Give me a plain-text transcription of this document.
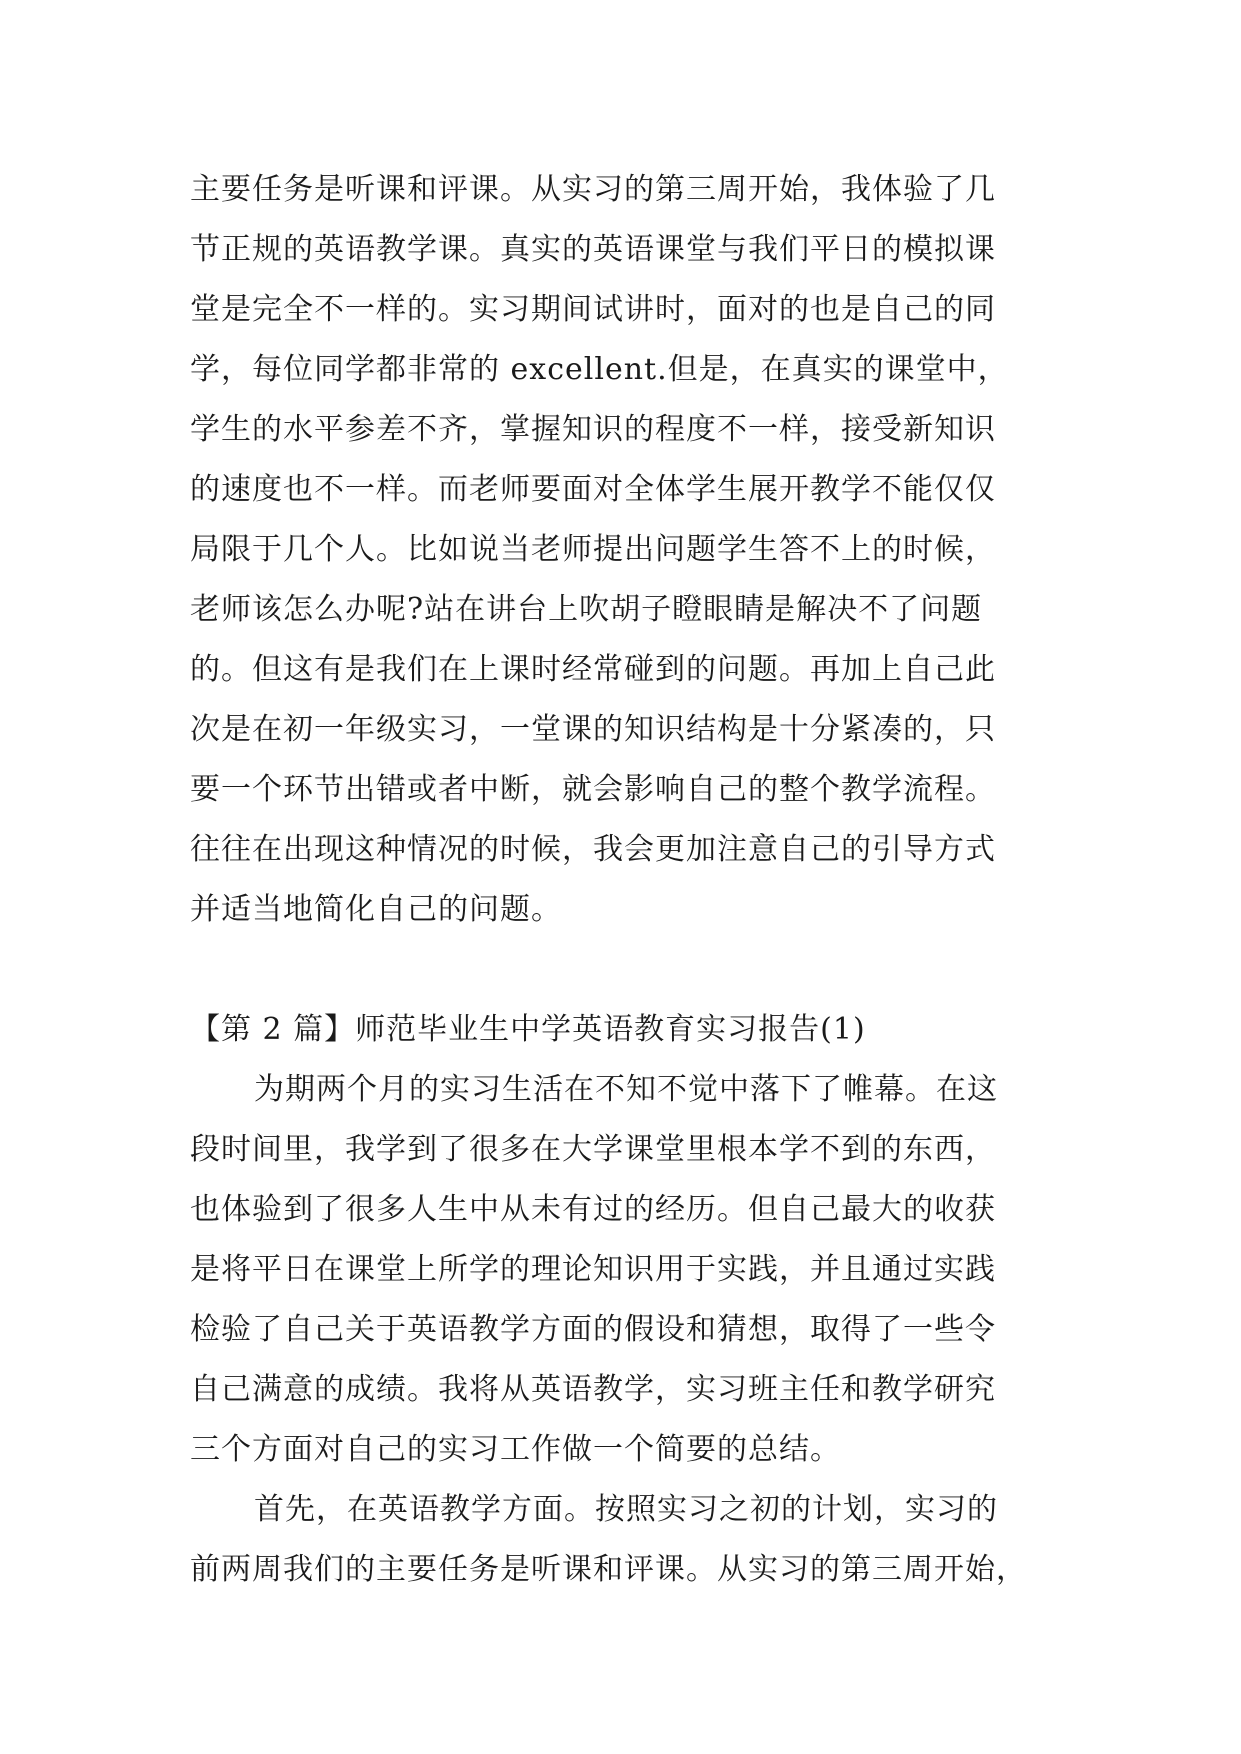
主要任务是听课和评课。从实习的第三周开始，我体验了几
节正规的英语教学课。真实的英语课堂与我们平日的模拟课
堂是完全不一样的。实习期间试讲时，面对的也是自己的同
学，每位同学都非常的 excellent.但是，在真实的课堂中，
学生的水平参差不齐，掌握知识的程度不一样，接受新知识
的速度也不一样。而老师要面对全体学生展开教学不能仅仅
局限于几个人。比如说当老师提出问题学生答不上的时候，
老师该怎么办呢?站在讲台上吹胡子瞪眼睛是解决不了问题
的。但这有是我们在上课时经常碰到的问题。再加上自己此
次是在初一年级实习，一堂课的知识结构是十分紧凑的，只
要一个环节出错或者中断，就会影响自己的整个教学流程。
往往在出现这种情况的时候，我会更加注意自己的引导方式
并适当地简化自己的问题。
【第 2 篇】师范毕业生中学英语教育实习报告(1)
为期两个月的实习生活在不知不觉中落下了帷幕。在这
段时间里，我学到了很多在大学课堂里根本学不到的东西，
也体验到了很多人生中从未有过的经历。但自己最大的收获
是将平日在课堂上所学的理论知识用于实践，并且通过实践
检验了自己关于英语教学方面的假设和猜想，取得了一些令
自己满意的成绩。我将从英语教学，实习班主任和教学研究
三个方面对自己的实习工作做一个简要的总结。
首先，在英语教学方面。按照实习之初的计划，实习的
前两周我们的主要任务是听课和评课。从实习的第三周开始，
